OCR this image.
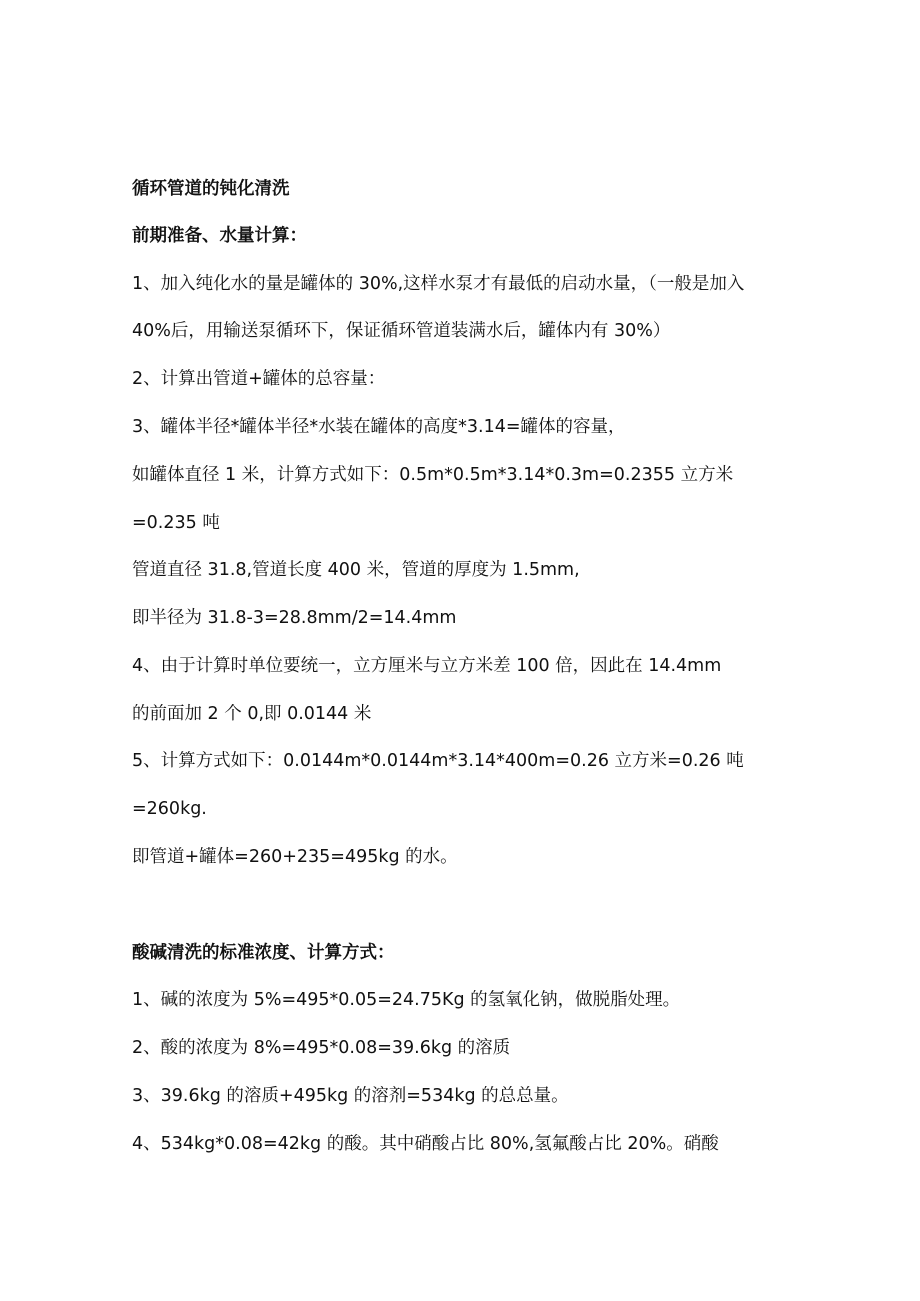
循环管道的钝化清洗

前期准备、水量计算：

1、加入纯化水的量是罐体的 30%,这样水泵才有最低的启动水量，（一般是加入

40%后，用输送泵循环下，保证循环管道装满水后，罐体内有 30%）

2、计算出管道+罐体的总容量：

3、罐体半径*罐体半径*水装在罐体的高度*3.14=罐体的容量，

如罐体直径 1 米，计算方式如下：0.5m*0.5m*3.14*0.3m=0.2355 立方米

=0.235 吨

管道直径 31.8,管道长度 400 米，管道的厚度为 1.5mm,

即半径为 31.8-3=28.8mm/2=14.4mm

4、由于计算时单位要统一，立方厘米与立方米差 100 倍，因此在 14.4mm

的前面加 2 个 0,即 0.0144 米

5、计算方式如下：0.0144m*0.0144m*3.14*400m=0.26 立方米=0.26 吨

=260kg.

即管道+罐体=260+235=495kg 的水。

酸碱清洗的标准浓度、计算方式：

1、碱的浓度为 5%=495*0.05=24.75Kg 的氢氧化钠，做脱脂处理。

2、酸的浓度为 8%=495*0.08=39.6kg 的溶质

3、39.6kg 的溶质+495kg 的溶剂=534kg 的总总量。

4、534kg*0.08=42kg 的酸。其中硝酸占比 80%,氢氟酸占比 20%。硝酸
